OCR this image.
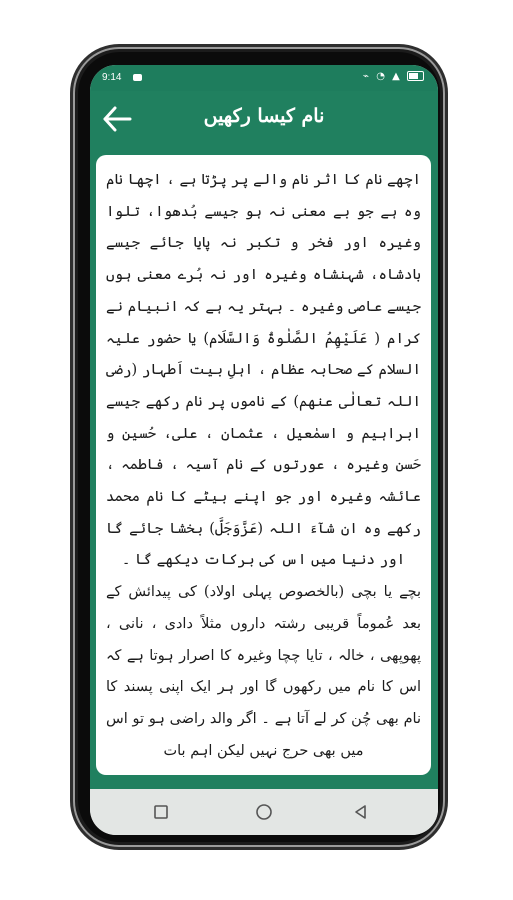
9:14	⌁ ◔ ▲
نام کیسا رکھیں

اچھے نام کا اثر نام والے پر پڑتا ہے ، اچھا نام وہ ہے جو بے معنی نہ ہو جیسے بُدھوا، تلوا وغیرہ اور فخر و تکبر نہ پایا جائے جیسے بادشاہ، شہنشاہ وغیرہ اور نہ بُرے معنی ہوں جیسے عاصی وغیرہ ۔ بہتر یہ ہے کہ انبیام نے کرام ( عَلَیْهِمُ الصَّلٰوةُ وَالسَّلَام) یا حضور علیہ السلام کے صحابہ عظام ، اہلِ بیت اَطہار (رضی اللہ تعالٰی عنھم) کے ناموں پر نام رکھے جیسے ابراہیم و اسمٰعیل ، عثمان ، علی، حُسین و حَسن وغیرہ ، عورتوں کے نام آسیہ ، فاطمہ ، عائشہ وغیرہ اور جو اپنے بیٹے کا نام محمد رکھے وہ ان شآءَ اللہ (عَزَّوَجَلَّ) بخشا جائے گا اور دنیا میں اس کی برکات دیکھے گا ۔

بچے یا بچی (بالخصوص پہلی اولاد) کی پیدائش کے بعد عُموماً قریبی رشتہ داروں مثلاً دادی ، نانی ، پھوپھی ، خالہ ، تایا چچا وغیرہ کا اصرار ہوتا ہے کہ اس کا نام میں رکھوں گا اور ہر ایک اپنی پسند کا نام بھی چُن کر لے آتا ہے ۔ اگر والد راضی ہو تو اس میں بھی حرج نہیں لیکن اہم بات
